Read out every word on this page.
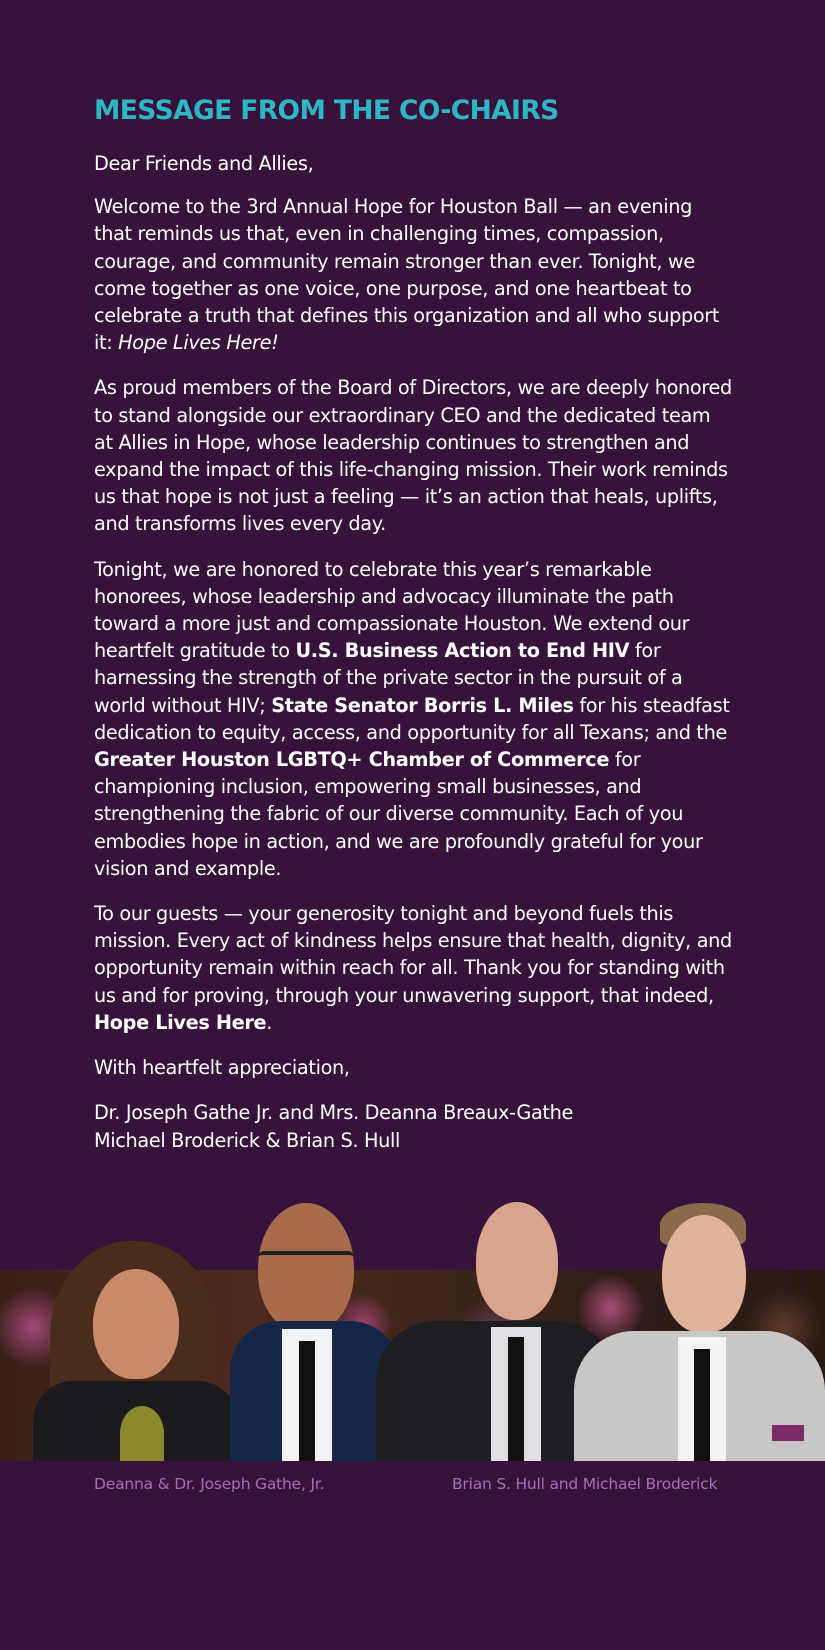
MESSAGE FROM THE CO-CHAIRS

Dear Friends and Allies,

Welcome to the 3rd Annual Hope for Houston Ball — an evening that reminds us that, even in challenging times, compassion, courage, and community remain stronger than ever. Tonight, we come together as one voice, one purpose, and one heartbeat to celebrate a truth that defines this organization and all who support it: Hope Lives Here!

As proud members of the Board of Directors, we are deeply honored to stand alongside our extraordinary CEO and the dedicated team at Allies in Hope, whose leadership continues to strengthen and expand the impact of this life-changing mission. Their work reminds us that hope is not just a feeling — it’s an action that heals, uplifts, and transforms lives every day.

Tonight, we are honored to celebrate this year’s remarkable honorees, whose leadership and advocacy illuminate the path toward a more just and compassionate Houston. We extend our heartfelt gratitude to U.S. Business Action to End HIV for harnessing the strength of the private sector in the pursuit of a world without HIV; State Senator Borris L. Miles for his steadfast dedication to equity, access, and opportunity for all Texans; and the Greater Houston LGBTQ+ Chamber of Commerce for championing inclusion, empowering small businesses, and strengthening the fabric of our diverse community. Each of you embodies hope in action, and we are profoundly grateful for your vision and example.

To our guests — your generosity tonight and beyond fuels this mission. Every act of kindness helps ensure that health, dignity, and opportunity remain within reach for all. Thank you for standing with us and for proving, through your unwavering support, that indeed, Hope Lives Here.

With heartfelt appreciation,

Dr. Joseph Gathe Jr. and Mrs. Deanna Breaux-Gathe
Michael Broderick & Brian S. Hull

Deanna & Dr. Joseph Gathe, Jr.	Brian S. Hull and Michael Broderick
